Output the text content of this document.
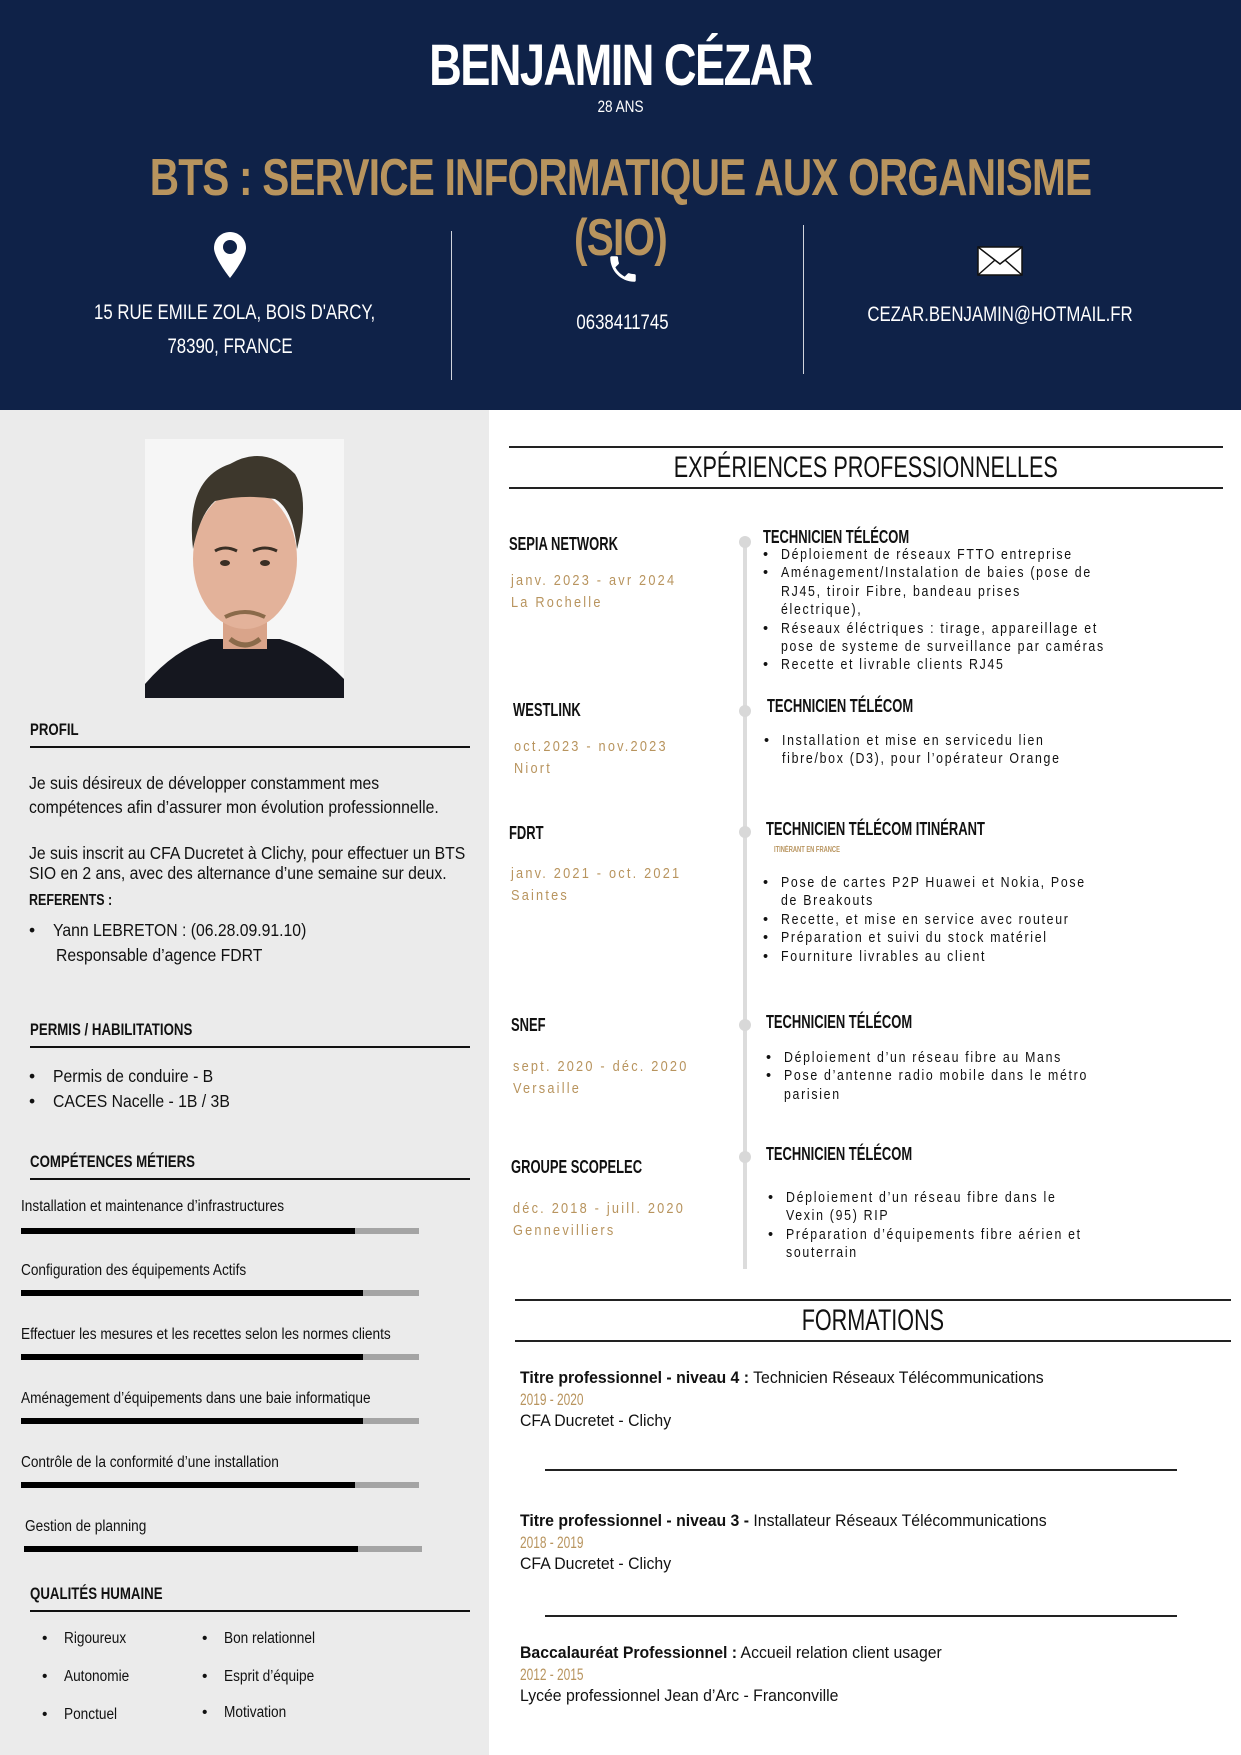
BENJAMIN CÉZAR
28 ANS
BTS : SERVICE INFORMATIQUE AUX ORGANISME (SIO)
15 RUE EMILE ZOLA, BOIS D'ARCY,
78390, FRANCE
0638411745	CEZAR.BENJAMIN@HOTMAIL.FR
PROFIL
Je suis désireux de développer constamment mes
compétences afin d’assurer mon évolution professionnelle.
Je suis inscrit au CFA Ducretet à Clichy, pour effectuer un BTS
SIO en 2 ans, avec des alternance d’une semaine sur deux.
REFERENTS :
• Yann LEBRETON : (06.28.09.91.10)
Responsable d’agence FDRT
PERMIS / HABILITATIONS
• Permis de conduire - B
• CACES Nacelle - 1B / 3B
COMPÉTENCES MÉTIERS
Installation et maintenance d’infrastructures
Configuration des équipements Actifs
Effectuer les mesures et les recettes selon les normes clients
Aménagement d’équipements dans une baie informatique
Contrôle de la conformité d’une installation
Gestion de planning
QUALITÉS HUMAINE
• Rigoureux
• Autonomie
• Ponctuel
• Bon relationnel
• Esprit d’équipe
• Motivation
EXPÉRIENCES PROFESSIONNELLES
SEPIA NETWORK
janv. 2023 - avr 2024
La Rochelle
TECHNICIEN TÉLÉCOM
• Déploiement de réseaux FTTO entreprise
• Aménagement/Instalation de baies (pose de
RJ45, tiroir Fibre, bandeau prises
électrique),
• Réseaux éléctriques : tirage, appareillage et
pose de systeme de surveillance par caméras
• Recette et livrable clients RJ45
WESTLINK
oct.2023 - nov.2023
Niort
TECHNICIEN TÉLÉCOM
• Installation et mise en servicedu lien
fibre/box (D3), pour l’opérateur Orange
FDRT
janv. 2021 - oct. 2021
Saintes
TECHNICIEN TÉLÉCOM ITINÉRANT
ITINÉRANT EN FRANCE
• Pose de cartes P2P Huawei et Nokia, Pose
de Breakouts
• Recette, et mise en service avec routeur
• Préparation et suivi du stock matériel
• Fourniture livrables au client
SNEF
sept. 2020 - déc. 2020
Versaille
TECHNICIEN TÉLÉCOM
• Déploiement d’un réseau fibre au Mans
• Pose d’antenne radio mobile dans le métro
parisien
GROUPE SCOPELEC
déc. 2018 - juill. 2020
Gennevilliers
TECHNICIEN TÉLÉCOM
• Déploiement d’un réseau fibre dans le
Vexin (95) RIP
• Préparation d’équipements fibre aérien et
souterrain
FORMATIONS
Titre professionnel - niveau 4 : Technicien Réseaux Télécommunications
2019 - 2020
CFA Ducretet - Clichy
Titre professionnel - niveau 3 - Installateur Réseaux Télécommunications
2018 - 2019
CFA Ducretet - Clichy
Baccalauréat Professionnel : Accueil relation client usager
2012 - 2015
Lycée professionnel Jean d’Arc - Franconville
